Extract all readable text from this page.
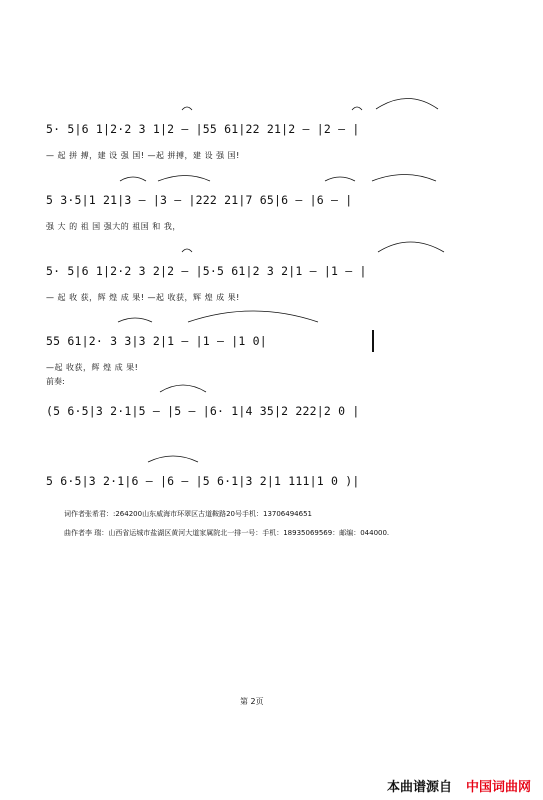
5· 5|6 1|2·2 3 1|2 – |55 61|22 21|2 – |2 – |
— 起 拼 搏，建 设 强 国! —起 拼搏，建 设 强 国!
5 3·5|1 21|3 – |3 – |222 21|7 65|6 – |6 – |
强 大 的 祖 国 强大的 祖国 和 我，
5· 5|6 1|2·2 3 2|2 – |5·5 61|2 3 2|1 – |1 – |
— 起 收 获，辉 煌 成 果! —起 收获，辉 煌 成 果!
55 61|2· 3 3|3 2|1 – |1 – |1 0|
—起 收获，辉 煌 成 果!
前奏:
(5 6·5|3 2·1|5 – |5 – |6· 1|4 35|2 222|2 0 |
5 6·5|3 2·1|6 – |6 – |5 6·1|3 2|1 111|1 0 )|
词作者张希君：:264200山东威海市环翠区古道鞍路20号手机：13706494651
曲作者李 瑞：山西省运城市盐湖区黄河大道家属院北一排一号：手机：18935069569：邮编：044000.
第 2页
本曲谱源自 中国词曲网
